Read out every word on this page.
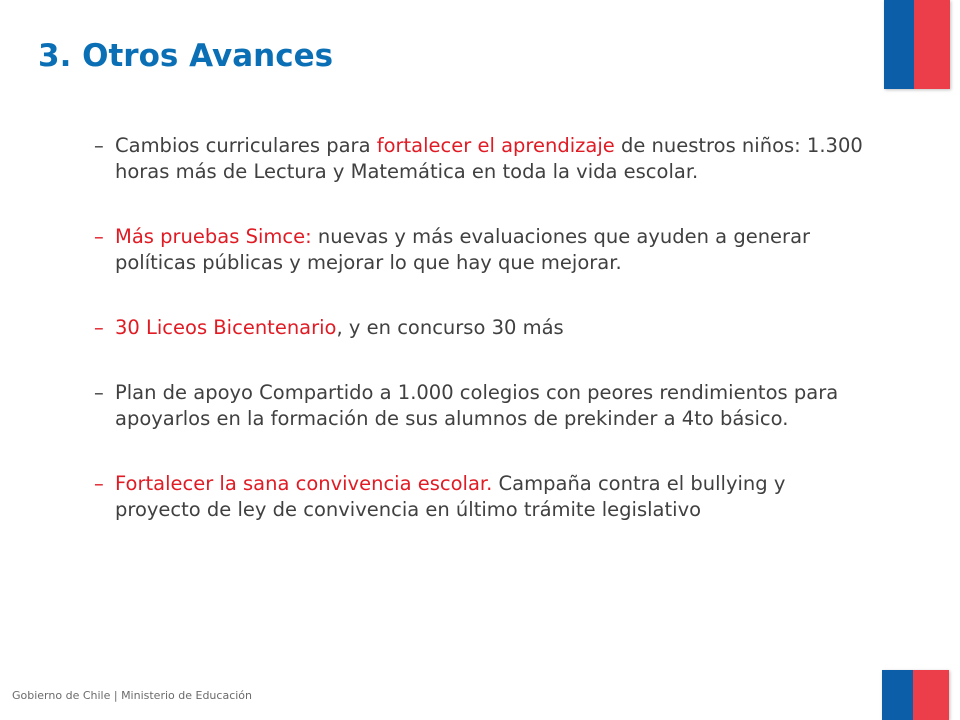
3. Otros Avances
– Cambios curriculares para fortalecer el aprendizaje de nuestros niños: 1.300 horas más de Lectura y Matemática en toda la vida escolar.
– Más pruebas Simce: nuevas y más evaluaciones que ayuden a generar políticas públicas y mejorar lo que hay que mejorar.
– 30 Liceos Bicentenario, y en concurso 30 más
– Plan de apoyo Compartido a 1.000 colegios con peores rendimientos para apoyarlos en la formación de sus alumnos de prekinder a 4to básico.
– Fortalecer la sana convivencia escolar. Campaña contra el bullying y proyecto de ley de convivencia en último trámite legislativo
Gobierno de Chile | Ministerio de Educación
